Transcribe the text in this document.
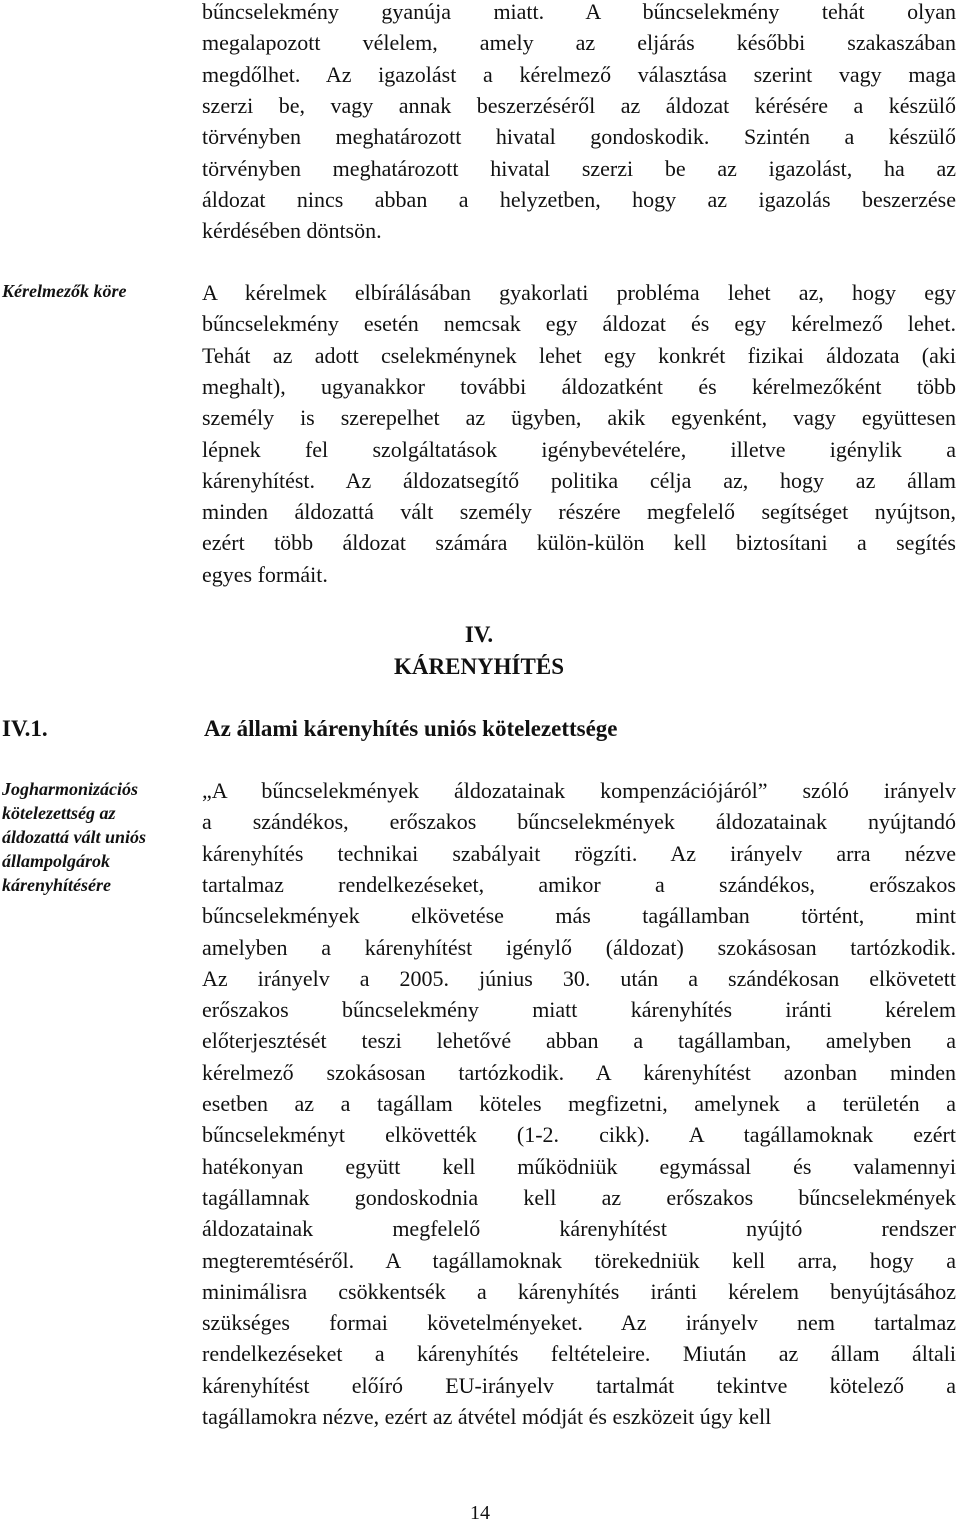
bűncselekmény gyanúja miatt. A bűncselekmény tehát olyan
megalapozott vélelem, amely az eljárás későbbi szakaszában
megdőlhet. Az igazolást a kérelmező választása szerint vagy maga
szerzi be, vagy annak beszerzéséről az áldozat kérésére a készülő
törvényben meghatározott hivatal gondoskodik. Szintén a készülő
törvényben meghatározott hivatal szerzi be az igazolást, ha az
áldozat nincs abban a helyzetben, hogy az igazolás beszerzése
kérdésében döntsön.
A kérelmek elbírálásában gyakorlati probléma lehet az, hogy egy
bűncselekmény esetén nemcsak egy áldozat és egy kérelmező lehet.
Tehát az adott cselekménynek lehet egy konkrét fizikai áldozata (aki
meghalt), ugyanakkor további áldozatként és kérelmezőként több
személy is szerepelhet az ügyben, akik egyenként, vagy együttesen
lépnek fel szolgáltatások igénybevételére, illetve igénylik a
kárenyhítést. Az áldozatsegítő politika célja az, hogy az állam
minden áldozattá vált személy részére megfelelő segítséget nyújtson,
ezért több áldozat számára külön-külön kell biztosítani a segítés
egyes formáit.
„A bűncselekmények áldozatainak kompenzációjáról” szóló irányelv
a szándékos, erőszakos bűncselekmények áldozatainak nyújtandó
kárenyhítés technikai szabályait rögzíti. Az irányelv arra nézve
tartalmaz rendelkezéseket, amikor a szándékos, erőszakos
bűncselekmények elkövetése más tagállamban történt, mint
amelyben a kárenyhítést igénylő (áldozat) szokásosan tartózkodik.
Az irányelv a 2005. június 30. után a szándékosan elkövetett
erőszakos bűncselekmény miatt kárenyhítés iránti kérelem
előterjesztését teszi lehetővé abban a tagállamban, amelyben a
kérelmező szokásosan tartózkodik. A kárenyhítést azonban minden
esetben az a tagállam köteles megfizetni, amelynek a területén a
bűncselekményt elkövették (1-2. cikk). A tagállamoknak ezért
hatékonyan együtt kell működniük egymással és valamennyi
tagállamnak gondoskodnia kell az erőszakos bűncselekmények
áldozatainak megfelelő kárenyhítést nyújtó rendszer
megteremtéséről. A tagállamoknak törekedniük kell arra, hogy a
minimálisra csökkentsék a kárenyhítés iránti kérelem benyújtásához
szükséges formai követelményeket. Az irányelv nem tartalmaz
rendelkezéseket a kárenyhítés feltételeire. Miután az állam általi
kárenyhítést előíró EU-irányelv tartalmát tekintve kötelező a
tagállamokra nézve, ezért az átvétel módját és eszközeit úgy kell
Kérelmezők köre
IV.
KÁRENYHÍTÉS
IV.1.	Az állami kárenyhítés uniós kötelezettsége
Jogharmonizációs
kötelezettség az
áldozattá vált uniós
állampolgárok
kárenyhítésére
14
